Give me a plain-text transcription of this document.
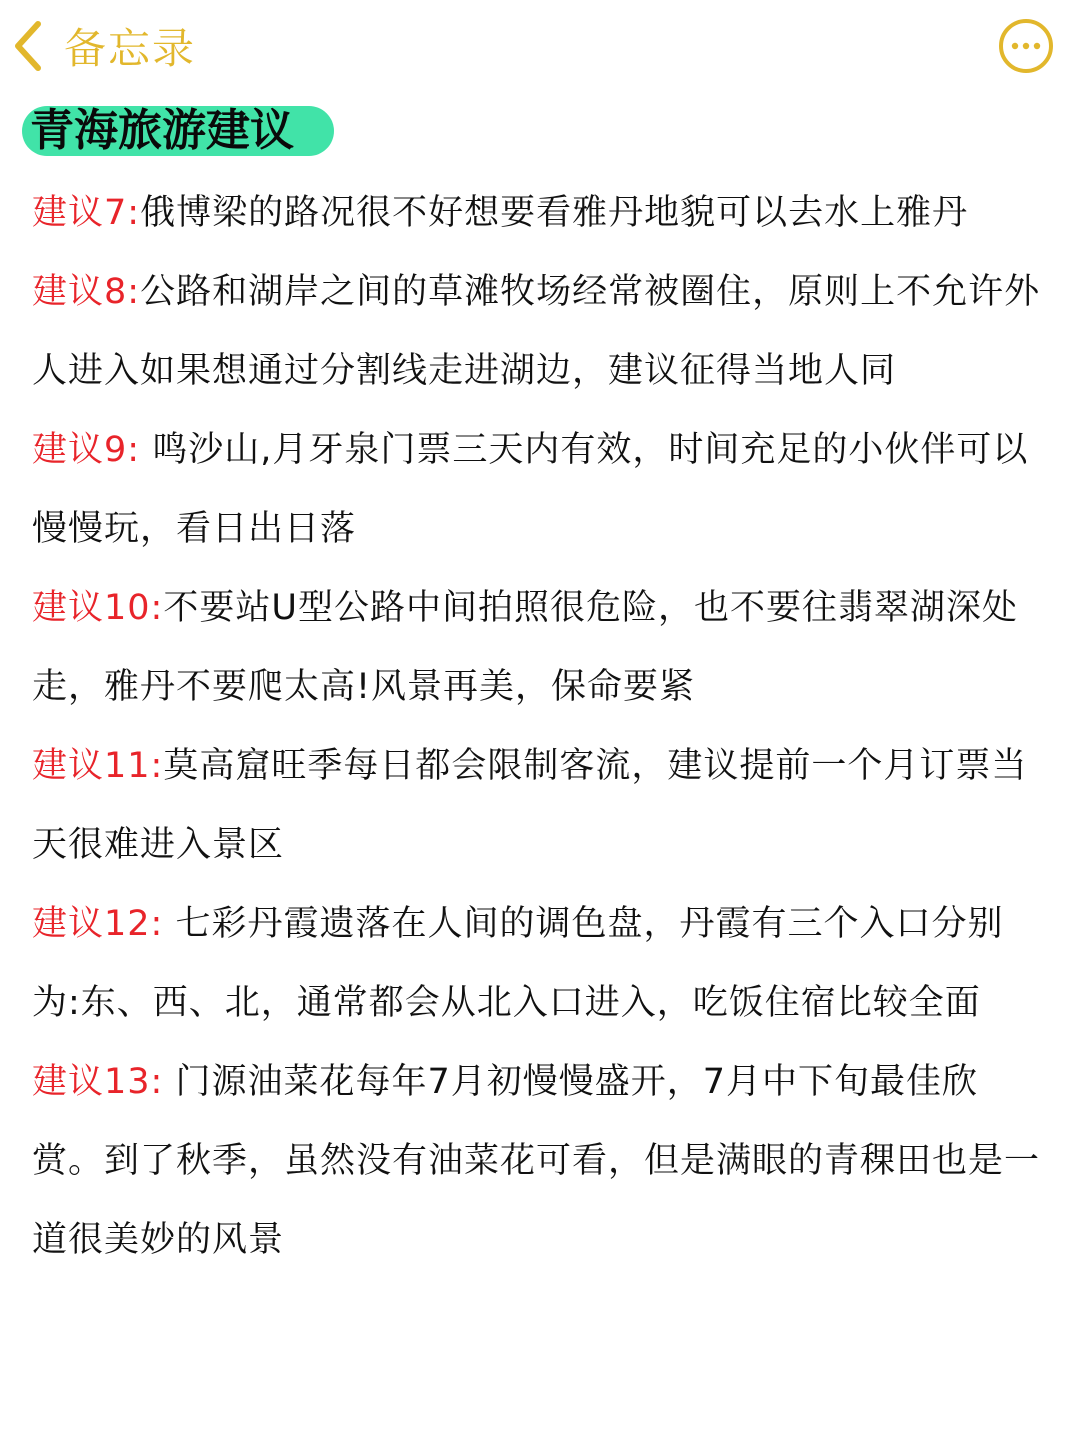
备忘录
青海旅游建议

建议7:俄博梁的路况很不好想要看雅丹地貌可以去水上雅丹

建议8:公路和湖岸之间的草滩牧场经常被圈住，原则上不允许外人进入如果想通过分割线走进湖边，建议征得当地人同

建议9: 鸣沙山,月牙泉门票三天内有效，时间充足的小伙伴可以慢慢玩，看日出日落

建议10:不要站U型公路中间拍照很危险，也不要往翡翠湖深处走，雅丹不要爬太高!风景再美，保命要紧

建议11:莫高窟旺季每日都会限制客流，建议提前一个月订票当天很难进入景区

建议12: 七彩丹霞遗落在人间的调色盘，丹霞有三个入口分别为:东、西、北，通常都会从北入口进入，吃饭住宿比较全面

建议13: 门源油菜花每年7月初慢慢盛开，7月中下旬最佳欣赏。到了秋季，虽然没有油菜花可看，但是满眼的青稞田也是一道很美妙的风景
